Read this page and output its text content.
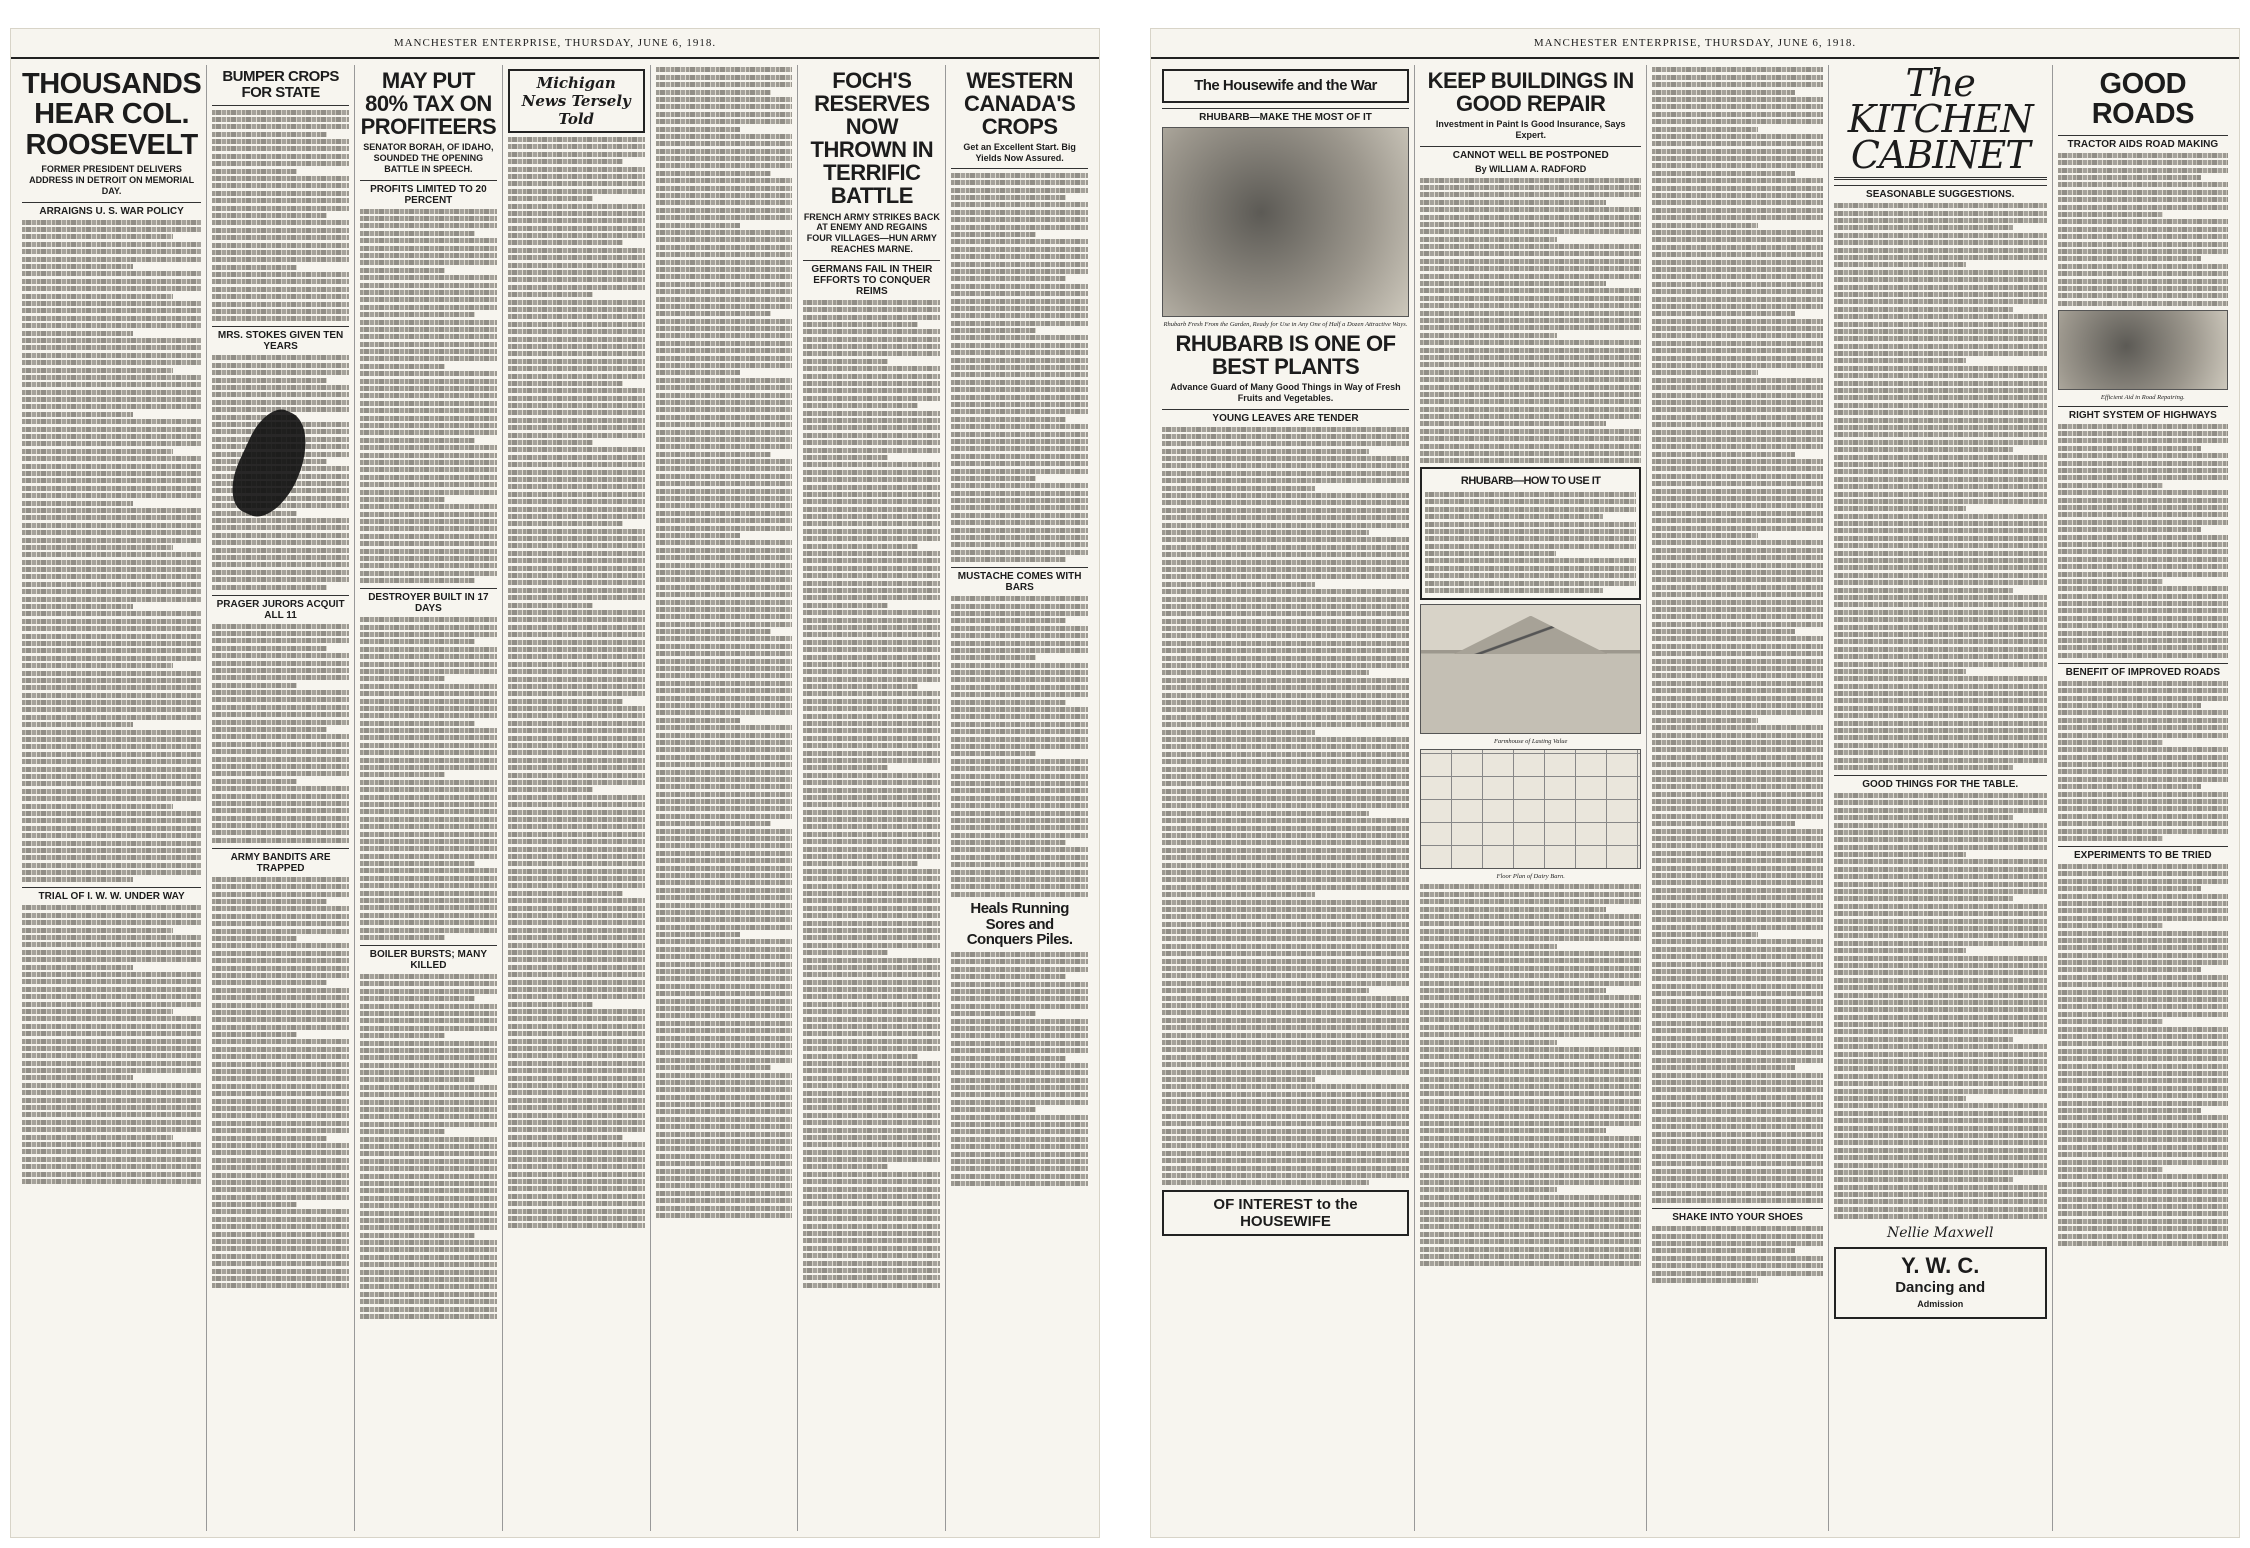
MANCHESTER ENTERPRISE, THURSDAY, JUNE 6, 1918.
THOUSANDS HEAR COL. ROOSEVELT
FORMER PRESIDENT DELIVERS ADDRESS IN DETROIT ON MEMORIAL DAY.
ARRAIGNS U. S. WAR POLICY
TRIAL OF I. W. W. UNDER WAY
BUMPER CROPS FOR STATE
MRS. STOKES GIVEN TEN YEARS
PRAGER JURORS ACQUIT ALL 11
ARMY BANDITS ARE TRAPPED
MAY PUT 80% TAX ON PROFITEERS
SENATOR BORAH, OF IDAHO, SOUNDED THE OPENING BATTLE IN SPEECH.
PROFITS LIMITED TO 20 PERCENT
DESTROYER BUILT IN 17 DAYS
BOILER BURSTS; MANY KILLED
Michigan News Tersely Told
FOCH'S RESERVES NOW THROWN IN TERRIFIC BATTLE
FRENCH ARMY STRIKES BACK AT ENEMY AND REGAINS FOUR VILLAGES—HUN ARMY REACHES MARNE.
GERMANS FAIL IN THEIR EFFORTS TO CONQUER REIMS
WESTERN CANADA'S CROPS
Get an Excellent Start. Big Yields Now Assured.
MUSTACHE COMES WITH BARS
Heals Running Sores and Conquers Piles.
MANCHESTER ENTERPRISE, THURSDAY, JUNE 6, 1918.
The Housewife and the War
RHUBARB—MAKE THE MOST OF IT
Rhubarb Fresh From the Garden, Ready for Use in Any One of Half a Dozen Attractive Ways.
RHUBARB IS ONE OF BEST PLANTS
Advance Guard of Many Good Things in Way of Fresh Fruits and Vegetables.
YOUNG LEAVES ARE TENDER
OF INTEREST to the HOUSEWIFE
KEEP BUILDINGS IN GOOD REPAIR
Investment in Paint Is Good Insurance, Says Expert.
CANNOT WELL BE POSTPONED
By WILLIAM A. RADFORD
RHUBARB—HOW TO USE IT
Farmhouse of Lasting Value
Floor Plan of Dairy Barn.
SHAKE INTO YOUR SHOES
The KITCHEN CABINET
SEASONABLE SUGGESTIONS.
GOOD THINGS FOR THE TABLE.
Nellie Maxwell
Y. W. C.
Dancing and
Admission
GOOD ROADS
TRACTOR AIDS ROAD MAKING
Efficient Aid in Road Repairing.
RIGHT SYSTEM OF HIGHWAYS
BENEFIT OF IMPROVED ROADS
EXPERIMENTS TO BE TRIED
